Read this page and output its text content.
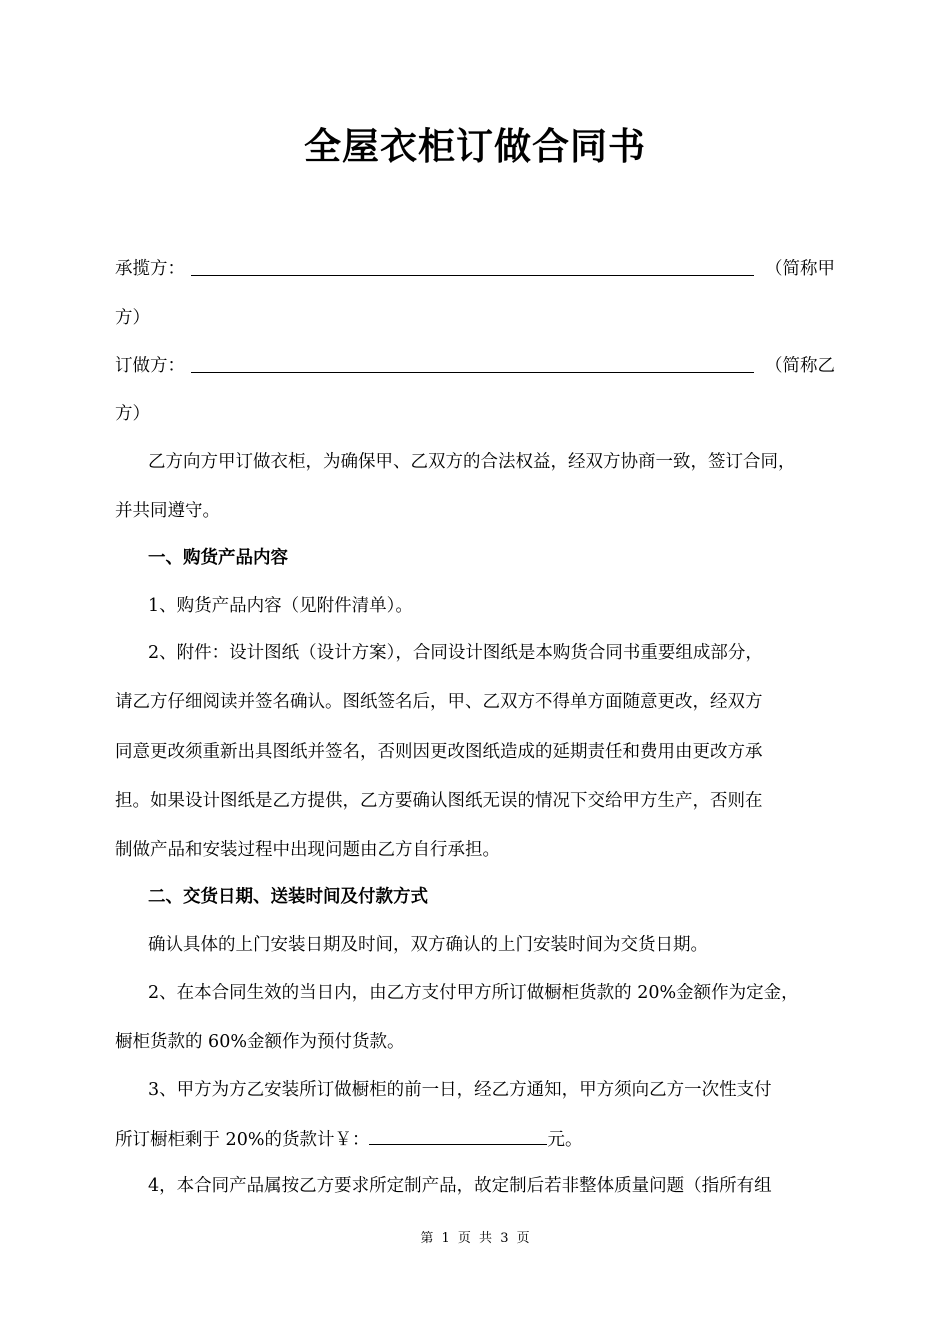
全屋衣柜订做合同书
承揽方：	（简称甲
方）
订做方：	（简称乙
方）
乙方向方甲订做衣柜，为确保甲、乙双方的合法权益，经双方协商一致，签订合同，
并共同遵守。
一、购货产品内容
1、购货产品内容（见附件清单）。
2、附件：设计图纸（设计方案），合同设计图纸是本购货合同书重要组成部分，
请乙方仔细阅读并签名确认。图纸签名后，甲、乙双方不得单方面随意更改，经双方
同意更改须重新出具图纸并签名，否则因更改图纸造成的延期责任和费用由更改方承
担。如果设计图纸是乙方提供，乙方要确认图纸无误的情况下交给甲方生产，否则在
制做产品和安装过程中出现问题由乙方自行承担。
二、交货日期、送装时间及付款方式
确认具体的上门安装日期及时间，双方确认的上门安装时间为交货日期。
2、在本合同生效的当日内，由乙方支付甲方所订做橱柜货款的 20%金额作为定金，
橱柜货款的 60%金额作为预付货款。
3、甲方为方乙安装所订做橱柜的前一日，经乙方通知，甲方须向乙方一次性支付
所订橱柜剩于 20%的货款计￥：	元。
4，本合同产品属按乙方要求所定制产品，故定制后若非整体质量问题（指所有组
第 1 页 共 3 页
